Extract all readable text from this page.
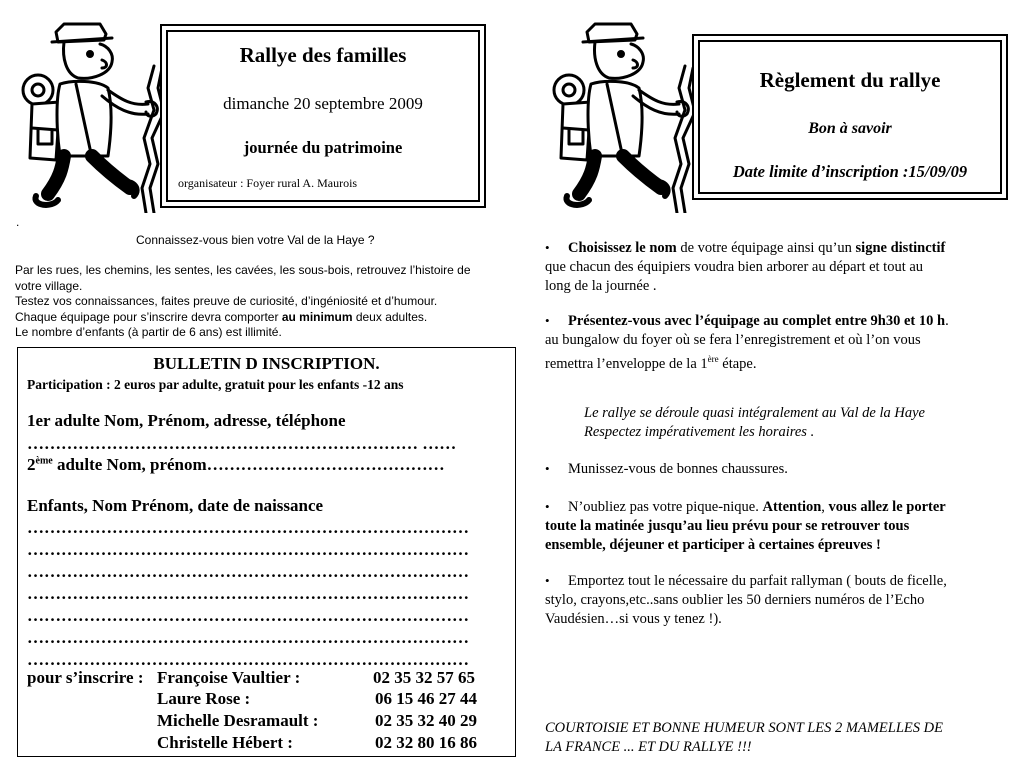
Rallye des familles
dimanche 20 septembre 2009
journée du patrimoine
organisateur : Foyer rural A. Maurois
.
Connaissez-vous bien votre Val de la Haye ?
Par les rues, les chemins, les sentes, les cavées, les sous-bois, retrouvez l’histoire de
votre village.
Testez vos connaissances, faites preuve de curiosité, d’ingéniosité et d’humour.
Chaque équipage pour s’inscrire devra comporter au minimum deux adultes.
Le nombre d’enfants (à partir de 6 ans) est illimité.
BULLETIN D INSCRIPTION.
Participation : 2 euros par adulte, gratuit pour les enfants -12 ans
1er adulte Nom, Prénom, adresse, téléphone
…………………………………………………………… ……
2ème adulte Nom, prénom……………………………………
Enfants, Nom Prénom, date de naissance
……………………………………………………………………
……………………………………………………………………
……………………………………………………………………
……………………………………………………………………
……………………………………………………………………
……………………………………………………………………
……………………………………………………………………
pour s’inscrire : Françoise Vaultier :	02 35 32 57 65
Laure Rose :	06 15 46 27 44
Michelle Desramault :	02 35 32 40 29
Christelle Hébert :	02 32 80 16 86
Règlement du rallye
Bon à savoir
Date limite d’inscription :15/09/09
•	Choisissez le nom de votre équipage ainsi qu’un signe distinctif
que chacun des équipiers voudra bien arborer au départ et tout au
long de la journée .
•	Présentez-vous avec l’équipage au complet entre 9h30 et 10 h.
au bungalow du foyer où se fera l’enregistrement et où l’on vous
remettra l’enveloppe de la 1ère étape.
Le rallye se déroule quasi intégralement au Val de la Haye
Respectez impérativement les horaires .
• Munissez-vous de bonnes chaussures.
•	N’oubliez pas votre pique-nique. Attention, vous allez le porter
toute la matinée jusqu’au lieu prévu pour se retrouver tous
ensemble, déjeuner et participer à certaines épreuves !
•	Emportez tout le nécessaire du parfait rallyman ( bouts de ficelle,
stylo, crayons,etc..sans oublier les 50 derniers numéros de l’Echo
Vaudésien…si vous y tenez !).
COURTOISIE ET BONNE HUMEUR SONT LES 2 MAMELLES DE
LA FRANCE ... ET DU RALLYE !!!
